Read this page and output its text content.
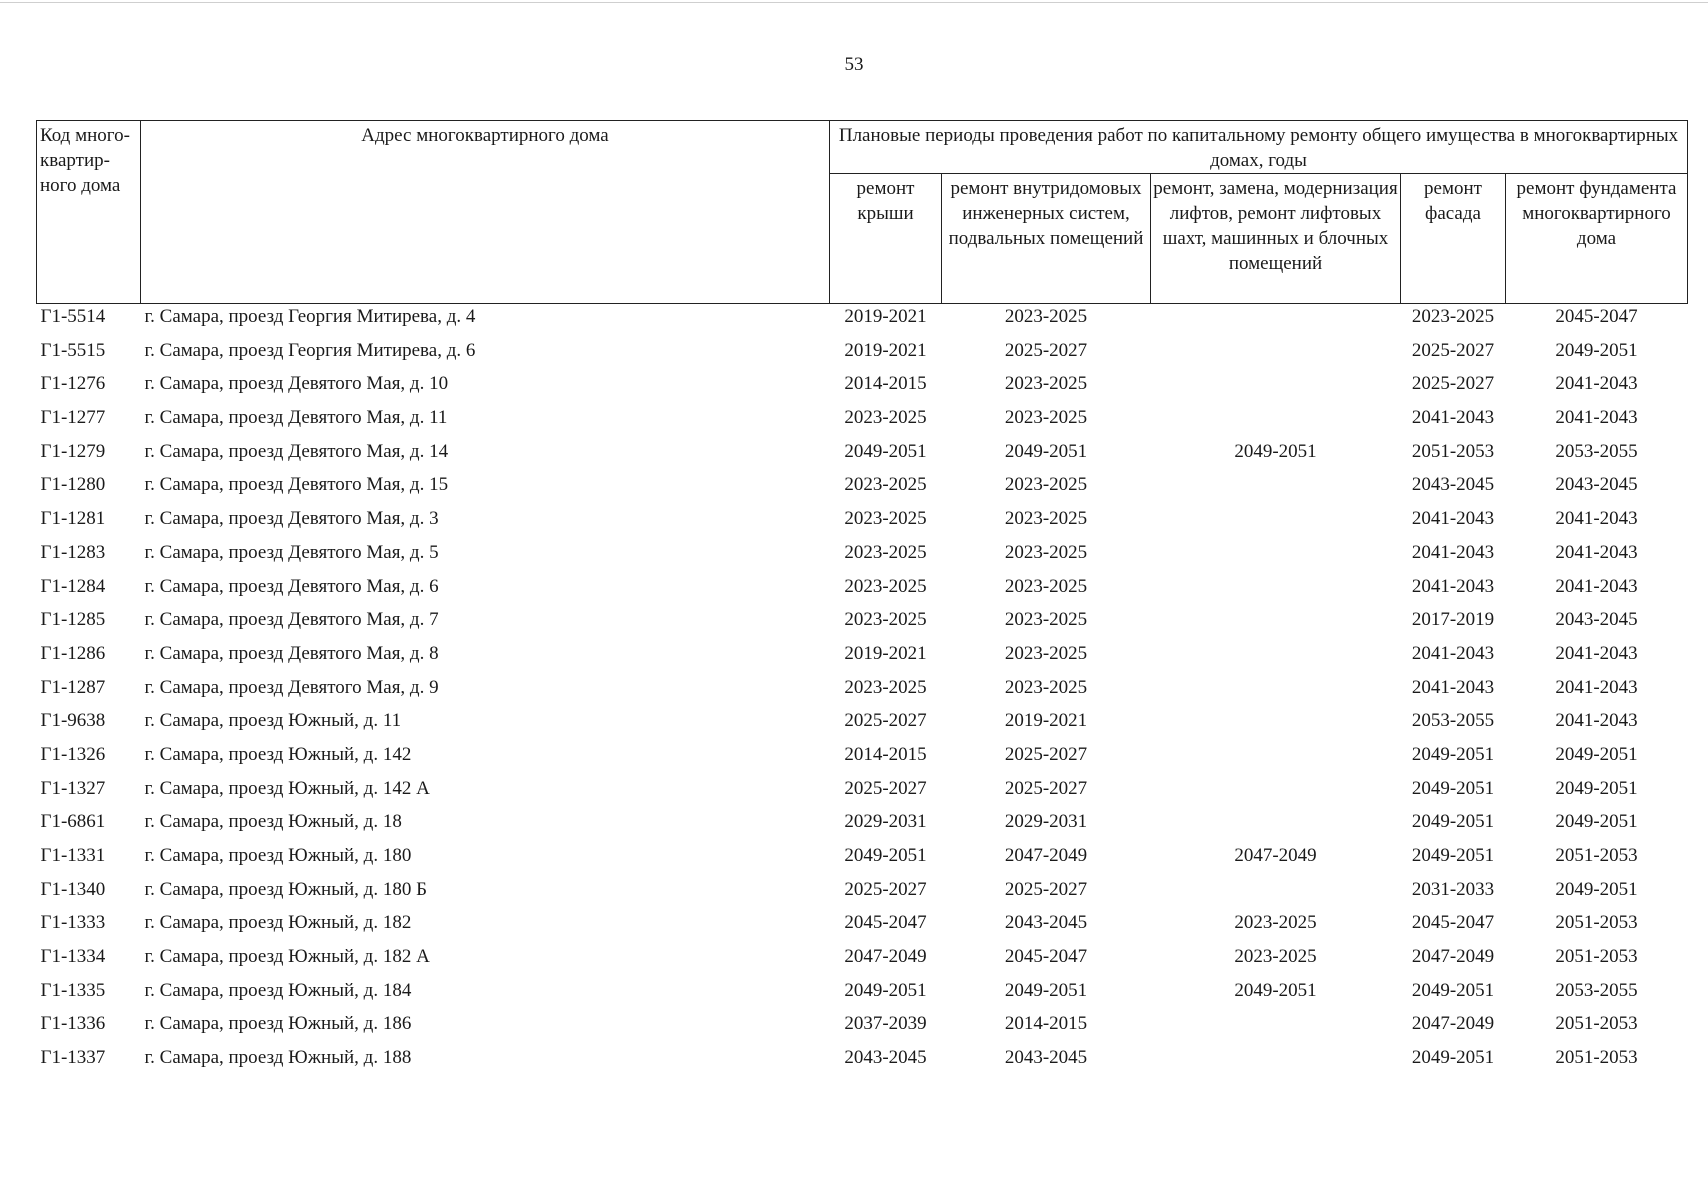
53
Код много-квартир-ного дома	Адрес многоквартирного дома	Плановые периоды проведения работ по капитальному ремонту общего имущества в многоквартирных домах, годы				
		ремонт крыши	ремонт внутридомовых инженерных систем, подвальных помещений	ремонт, замена, модернизация лифтов, ремонт лифтовых шахт, машинных и блочных помещений	ремонт фасада	ремонт фундамента многоквартирного дома
Г1-5514	г. Самара, проезд Георгия Митирева, д. 4	2019-2021	2023-2025		2023-2025	2045-2047
Г1-5515	г. Самара, проезд Георгия Митирева, д. 6	2019-2021	2025-2027		2025-2027	2049-2051
Г1-1276	г. Самара, проезд Девятого Мая, д. 10	2014-2015	2023-2025		2025-2027	2041-2043
Г1-1277	г. Самара, проезд Девятого Мая, д. 11	2023-2025	2023-2025		2041-2043	2041-2043
Г1-1279	г. Самара, проезд Девятого Мая, д. 14	2049-2051	2049-2051	2049-2051	2051-2053	2053-2055
Г1-1280	г. Самара, проезд Девятого Мая, д. 15	2023-2025	2023-2025		2043-2045	2043-2045
Г1-1281	г. Самара, проезд Девятого Мая, д. 3	2023-2025	2023-2025		2041-2043	2041-2043
Г1-1283	г. Самара, проезд Девятого Мая, д. 5	2023-2025	2023-2025		2041-2043	2041-2043
Г1-1284	г. Самара, проезд Девятого Мая, д. 6	2023-2025	2023-2025		2041-2043	2041-2043
Г1-1285	г. Самара, проезд Девятого Мая, д. 7	2023-2025	2023-2025		2017-2019	2043-2045
Г1-1286	г. Самара, проезд Девятого Мая, д. 8	2019-2021	2023-2025		2041-2043	2041-2043
Г1-1287	г. Самара, проезд Девятого Мая, д. 9	2023-2025	2023-2025		2041-2043	2041-2043
Г1-9638	г. Самара, проезд Южный, д. 11	2025-2027	2019-2021		2053-2055	2041-2043
Г1-1326	г. Самара, проезд Южный, д. 142	2014-2015	2025-2027		2049-2051	2049-2051
Г1-1327	г. Самара, проезд Южный, д. 142 А	2025-2027	2025-2027		2049-2051	2049-2051
Г1-6861	г. Самара, проезд Южный, д. 18	2029-2031	2029-2031		2049-2051	2049-2051
Г1-1331	г. Самара, проезд Южный, д. 180	2049-2051	2047-2049	2047-2049	2049-2051	2051-2053
Г1-1340	г. Самара, проезд Южный, д. 180 Б	2025-2027	2025-2027		2031-2033	2049-2051
Г1-1333	г. Самара, проезд Южный, д. 182	2045-2047	2043-2045	2023-2025	2045-2047	2051-2053
Г1-1334	г. Самара, проезд Южный, д. 182 А	2047-2049	2045-2047	2023-2025	2047-2049	2051-2053
Г1-1335	г. Самара, проезд Южный, д. 184	2049-2051	2049-2051	2049-2051	2049-2051	2053-2055
Г1-1336	г. Самара, проезд Южный, д. 186	2037-2039	2014-2015		2047-2049	2051-2053
Г1-1337	г. Самара, проезд Южный, д. 188	2043-2045	2043-2045		2049-2051	2051-2053
